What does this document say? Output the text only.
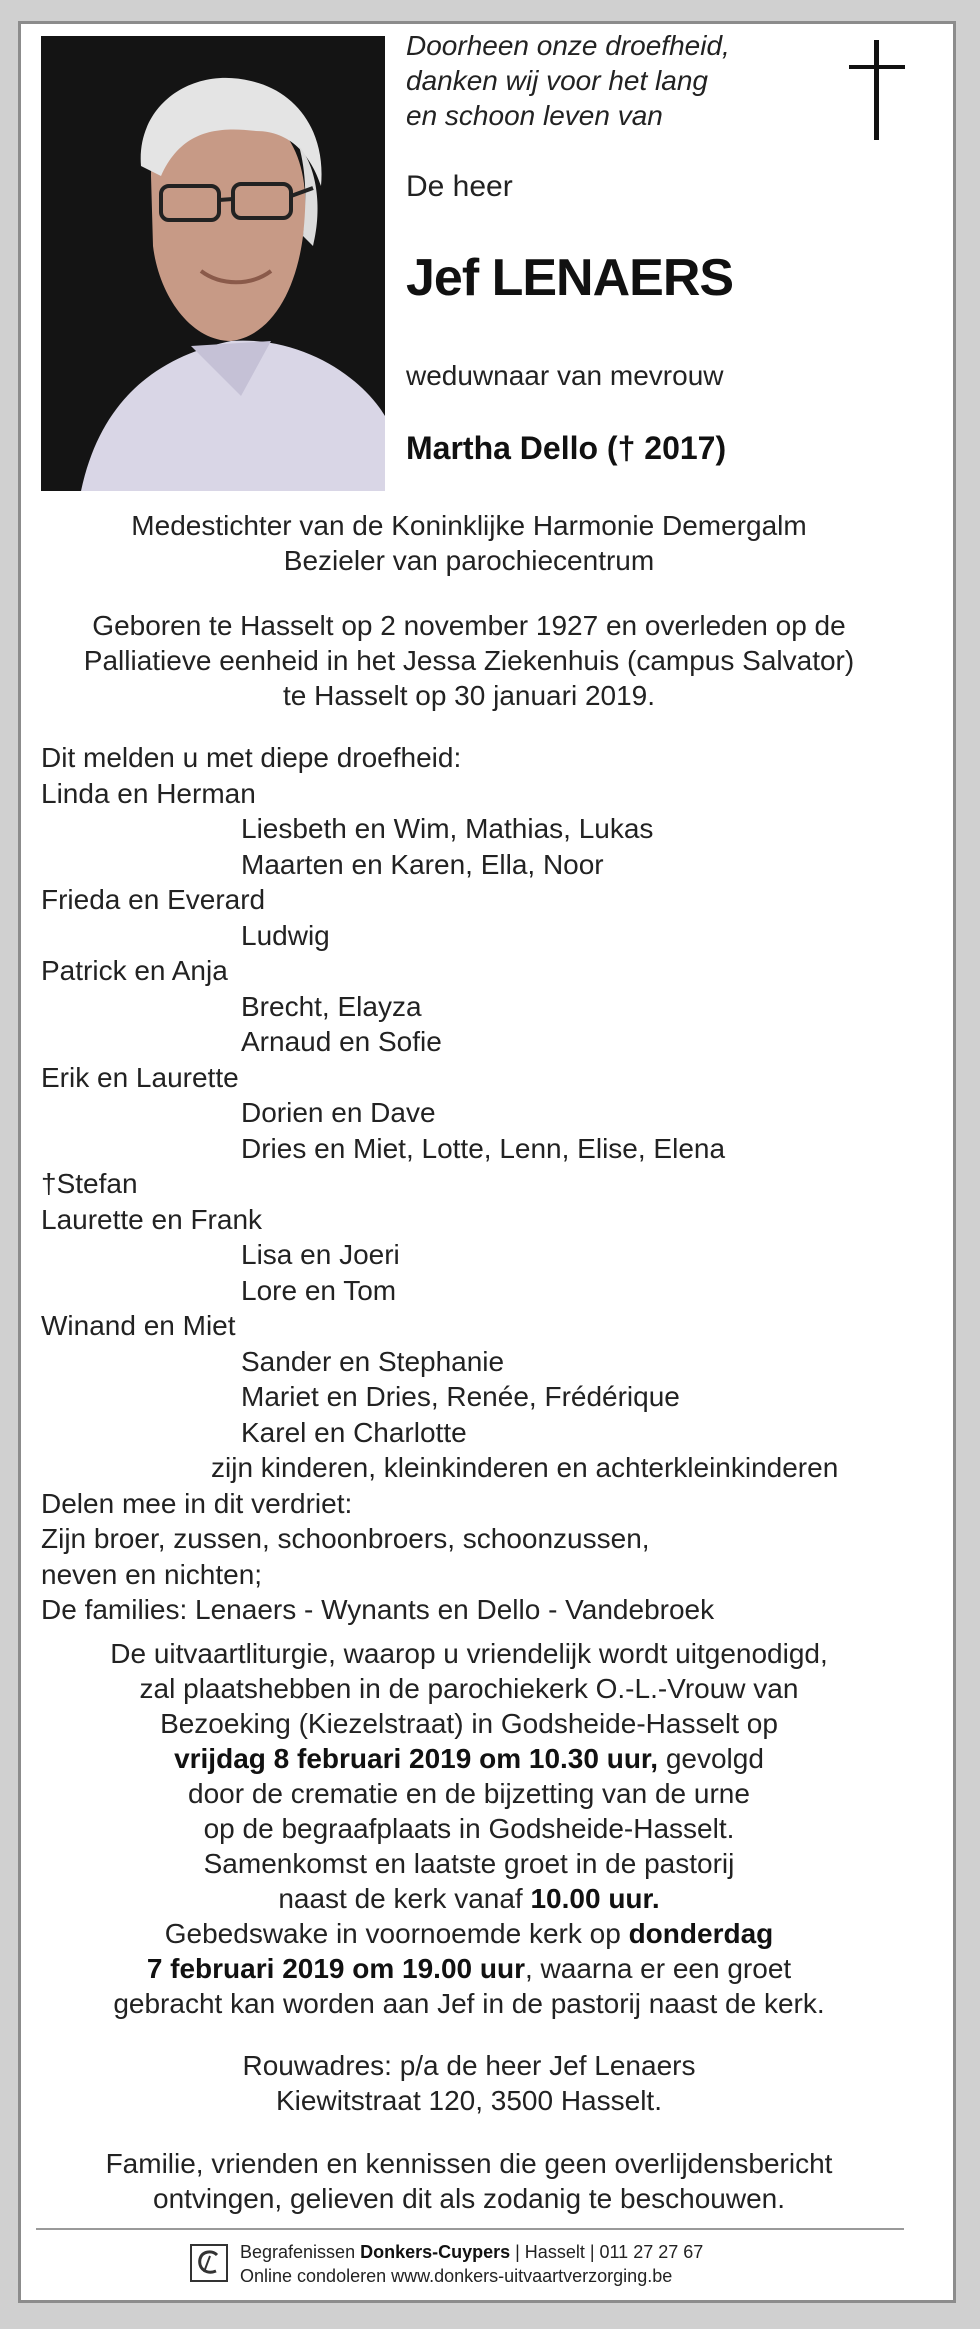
Doorheen onze droefheid,
danken wij voor het lang
en schoon leven van
De heer
Jef LENAERS
weduwnaar van mevrouw
Martha Dello († 2017)
Medestichter van de Koninklijke Harmonie Demergalm
Bezieler van parochiecentrum
Geboren te Hasselt op 2 november 1927 en overleden op de
Palliatieve eenheid in het Jessa Ziekenhuis (campus Salvator)
te Hasselt op 30 januari 2019.
Dit melden u met diepe droefheid:
Linda en Herman
Liesbeth en Wim, Mathias, Lukas
Maarten en Karen, Ella, Noor
Frieda en Everard
Ludwig
Patrick en Anja
Brecht, Elayza
Arnaud en Sofie
Erik en Laurette
Dorien en Dave
Dries en Miet, Lotte, Lenn, Elise, Elena
†Stefan
Laurette en Frank
Lisa en Joeri
Lore en Tom
Winand en Miet
Sander en Stephanie
Mariet en Dries, Renée, Frédérique
Karel en Charlotte
zijn kinderen, kleinkinderen en achterkleinkinderen
Delen mee in dit verdriet:
Zijn broer, zussen, schoonbroers, schoonzussen,
neven en nichten;
De families: Lenaers - Wynants en Dello - Vandebroek
De uitvaartliturgie, waarop u vriendelijk wordt uitgenodigd,
zal plaatshebben in de parochiekerk O.-L.-Vrouw van
Bezoeking (Kiezelstraat) in Godsheide-Hasselt op
vrijdag 8 februari 2019 om 10.30 uur, gevolgd
door de crematie en de bijzetting van de urne
op de begraafplaats in Godsheide-Hasselt.
Samenkomst en laatste groet in de pastorij
naast de kerk vanaf 10.00 uur.
Gebedswake in voornoemde kerk op donderdag
7 februari 2019 om 19.00 uur, waarna er een groet
gebracht kan worden aan Jef in de pastorij naast de kerk.
Rouwadres: p/a de heer Jef Lenaers
Kiewitstraat 120, 3500 Hasselt.
Familie, vrienden en kennissen die geen overlijdensbericht
ontvingen, gelieven dit als zodanig te beschouwen.
Begrafenissen Donkers-Cuypers | Hasselt | 011 27 27 67
Online condoleren www.donkers-uitvaartverzorging.be
